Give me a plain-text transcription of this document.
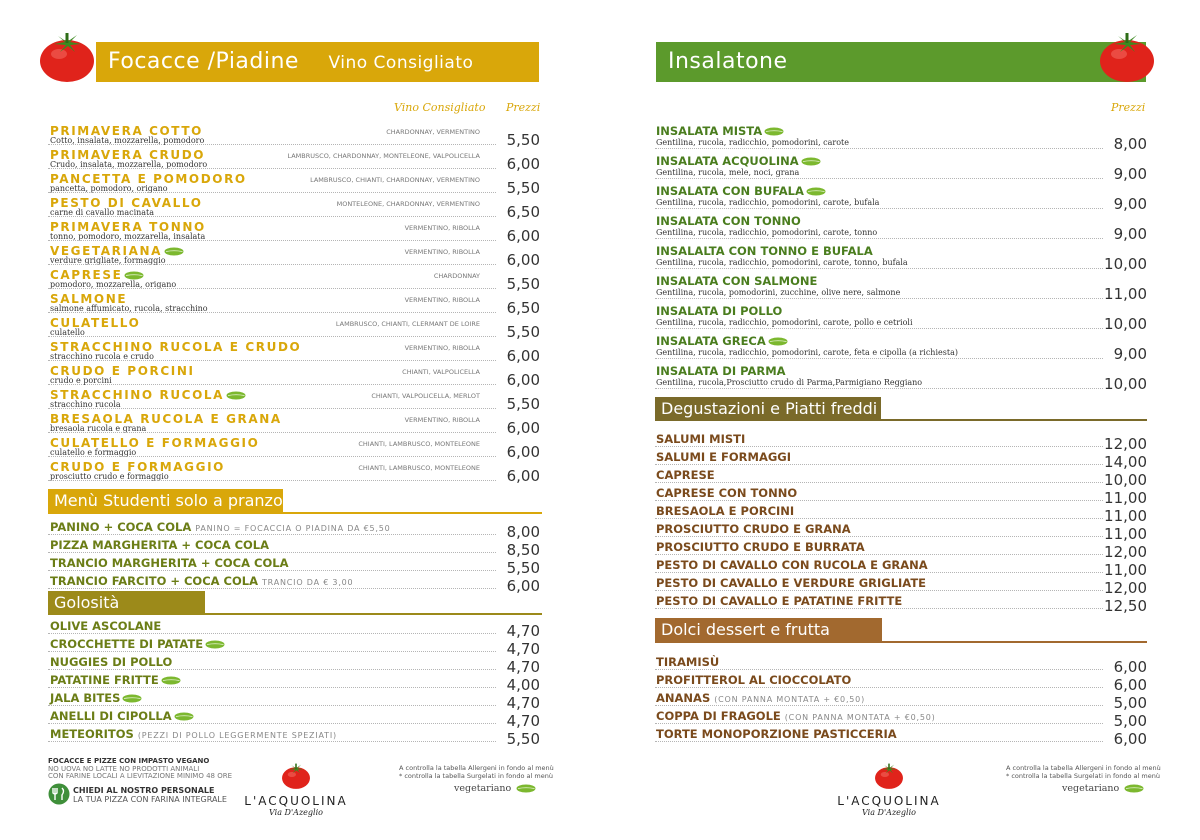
Focacce /Piadine Vino Consigliato
Vino Consigliato Prezzi
PRIMAVERA COTTO
Cotto, insalata, mozzarella, pomodoro
CHARDONNAY, VERMENTINO 5,50
PRIMAVERA CRUDO
Crudo, insalata, mozzarella, pomodoro
LAMBRUSCO, CHARDONNAY, MONTELEONE, VALPOLICELLA 6,00
PANCETTA E POMODORO
pancetta, pomodoro, origano
LAMBRUSCO, CHIANTI, CHARDONNAY, VERMENTINO 5,50
PESTO DI CAVALLO
carne di cavallo macinata
MONTELEONE, CHARDONNAY, VERMENTINO 6,50
PRIMAVERA TONNO
tonno, pomodoro, mozzarella, insalata
VERMENTINO, RIBOLLA 6,00
VEGETARIANA
verdure grigliate, formaggio
VERMENTINO, RIBOLLA 6,00
CAPRESE
pomodoro, mozzarella, origano
CHARDONNAY 5,50
SALMONE
salmone affumicato, rucola, stracchino
VERMENTINO, RIBOLLA 6,50
CULATELLO
culatello
LAMBRUSCO, CHIANTI, CLERMANT DE LOIRE 5,50
STRACCHINO RUCOLA E CRUDO
stracchino rucola e crudo
VERMENTINO, RIBOLLA 6,00
CRUDO E PORCINI
crudo e porcini
CHIANTI, VALPOLICELLA 6,00
STRACCHINO RUCOLA
stracchino rucola
CHIANTI, VALPOLICELLA, MERLOT 5,50
BRESAOLA RUCOLA E GRANA
bresaola rucola e grana
VERMENTINO, RIBOLLA 6,00
CULATELLO E FORMAGGIO
culatello e formaggio
CHIANTI, LAMBRUSCO, MONTELEONE 6,00
CRUDO E FORMAGGIO
prosciutto crudo e formaggio
CHIANTI, LAMBRUSCO, MONTELEONE 6,00
Menù Studenti solo a pranzo
PANINO + COCA COLA PANINO = FOCACCIA O PIADINA DA €5,50	8,00
PIZZA MARGHERITA + COCA COLA	8,50
TRANCIO MARGHERITA + COCA COLA	5,50
TRANCIO FARCITO + COCA COLA TRANCIO DA € 3,00	6,00
Golosità
OLIVE ASCOLANE	4,70
CROCCHETTE DI PATATE	4,70
NUGGIES DI POLLO	4,70
PATATINE FRITTE	4,00
JALA BITES	4,70
ANELLI DI CIPOLLA	4,70
METEORITOS (PEZZI DI POLLO LEGGERMENTE SPEZIATI)	5,50
FOCACCE E PIZZE CON IMPASTO VEGANO
NO UOVA NO LATTE NO PRODOTTI ANIMALI
CON FARINE LOCALI A LIEVITAZIONE MINIMO 48 ORE
CHIEDI AL NOSTRO PERSONALE
LA TUA PIZZA CON FARINA INTEGRALE	L'ACQUOLINA
Via D'Azeglio
A controlla la tabella Allergeni in fondo al menù
* controlla la tabella Surgelati in fondo al menù
vegetariano
Insalatone
Prezzi
INSALATA MISTA
Gentilina, rucola, radicchio, pomodorini, carote	8,00
INSALATA ACQUOLINA
Gentilina, rucola, mele, noci, grana	9,00
INSALATA CON BUFALA
Gentilina, rucola, radicchio, pomodorini, carote, bufala	9,00
INSALATA CON TONNO
Gentilina, rucola, radicchio, pomodorini, carote, tonno	9,00
INSALALTA CON TONNO E BUFALA
Gentilina, rucola, radicchio, pomodorini, carote, tonno, bufala	10,00
INSALATA CON SALMONE
Gentilina, rucola, pomodorini, zucchine, olive nere, salmone	11,00
INSALATA DI POLLO
Gentilina, rucola, radicchio, pomodorini, carote, pollo e cetrioli	10,00
INSALATA GRECA
Gentilina, rucola, radicchio, pomodorini, carote, feta e cipolla (a richiesta)	9,00
INSALATA DI PARMA
Gentilina, rucola,Prosciutto crudo di Parma,Parmigiano Reggiano	10,00
Degustazioni e Piatti freddi
SALUMI MISTI	12,00
SALUMI E FORMAGGI	14,00
CAPRESE	10,00
CAPRESE CON TONNO	11,00
BRESAOLA E PORCINI	11,00
PROSCIUTTO CRUDO E GRANA	11,00
PROSCIUTTO CRUDO E BURRATA	12,00
PESTO DI CAVALLO CON RUCOLA E GRANA	11,00
PESTO DI CAVALLO E VERDURE GRIGLIATE	12,00
PESTO DI CAVALLO E PATATINE FRITTE	12,50
Dolci dessert e frutta
TIRAMISÙ	6,00
PROFITTEROL AL CIOCCOLATO	6,00
ANANAS (CON PANNA MONTATA + €0,50)	5,00
COPPA DI FRAGOLE (CON PANNA MONTATA + €0,50)	5,00
TORTE MONOPORZIONE PASTICCERIA	6,00
L'ACQUOLINA
Via D'Azeglio
A controlla la tabella Allergeni in fondo al menù
* controlla la tabella Surgelati in fondo al menù
vegetariano
